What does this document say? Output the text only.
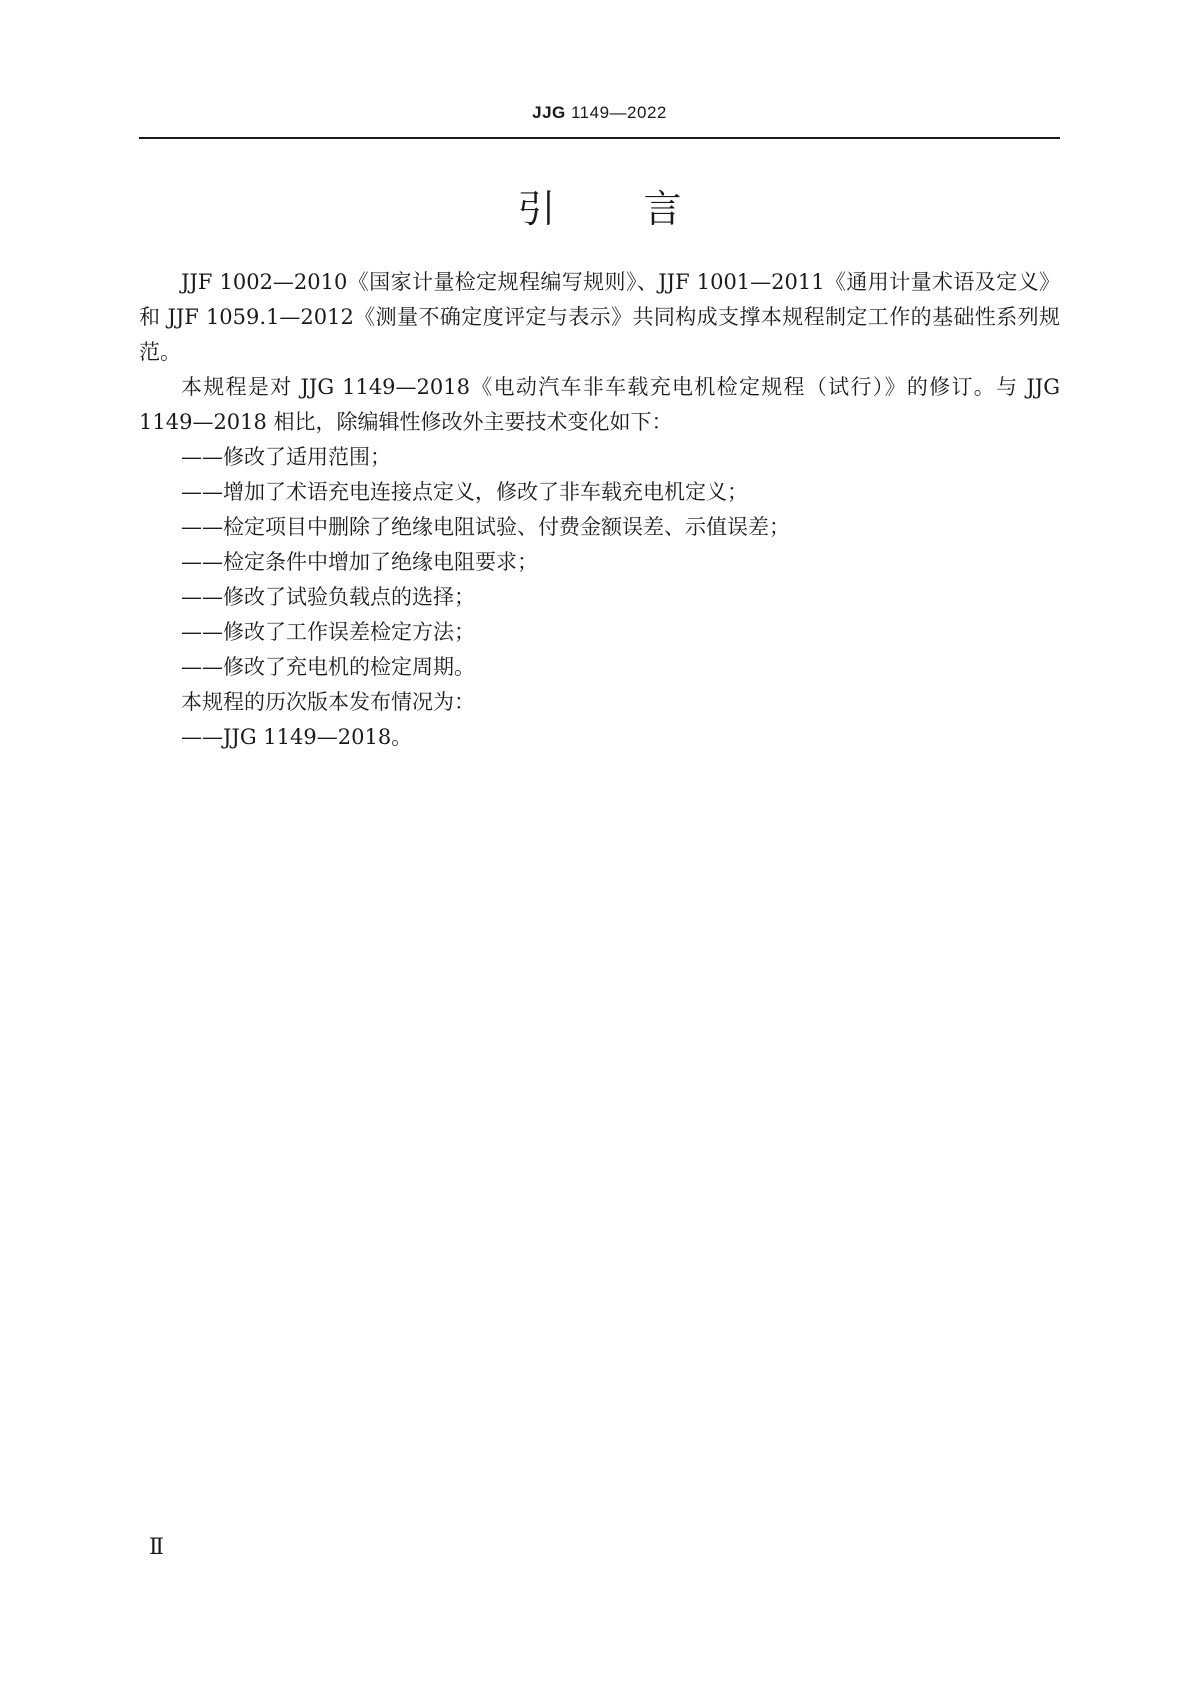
JJG 1149—2022
引言

JJF 1002—2010《国家计量检定规程编写规则》、JJF 1001—2011《通用计量术语及定义》和 JJF 1059.1—2012《测量不确定度评定与表示》共同构成支撑本规程制定工作的基础性系列规范。

本规程是对 JJG 1149—2018《电动汽车非车载充电机检定规程（试行）》的修订。与 JJG 1149—2018 相比，除编辑性修改外主要技术变化如下：

——修改了适用范围；
——增加了术语充电连接点定义，修改了非车载充电机定义；
——检定项目中删除了绝缘电阻试验、付费金额误差、示值误差；
——检定条件中增加了绝缘电阻要求；
——修改了试验负载点的选择；
——修改了工作误差检定方法；
——修改了充电机的检定周期。

本规程的历次版本发布情况为：

——JJG 1149—2018。
Ⅱ
